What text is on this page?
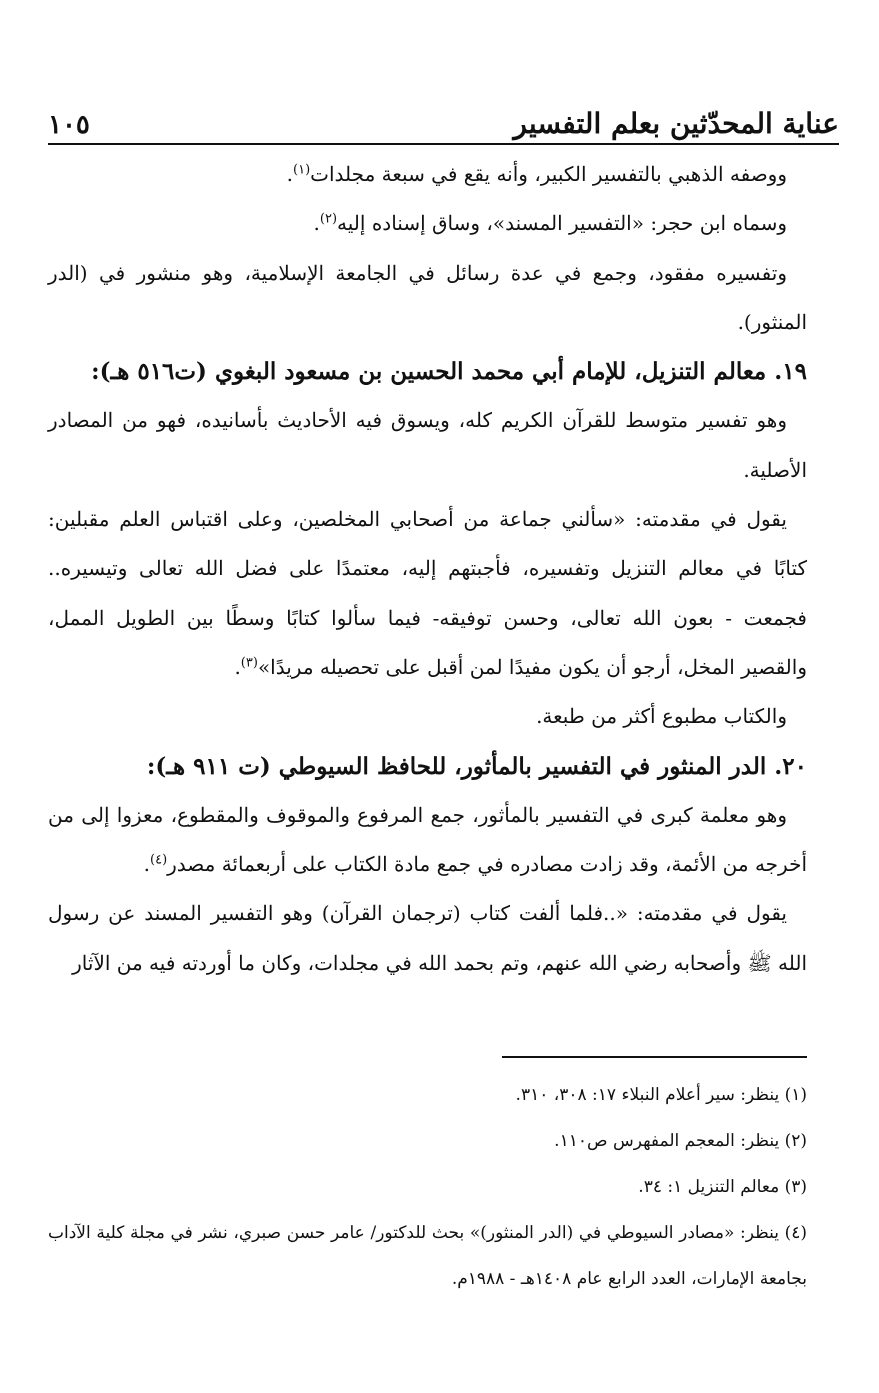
١٠٥	عناية المحدّثين بعلم التفسير

ووصفه الذهبي بالتفسير الكبير، وأنه يقع في سبعة مجلدات$^{(١)}$.

وسماه ابن حجر: «التفسير المسند»، وساق إسناده إليه$^{(٢)}$.

وتفسيره مفقود، وجمع في عدة رسائل في الجامعة الإسلامية، وهو منشور في (الدر المنثور).

١٩. معالم التنزيل، للإمام أبي محمد الحسين بن مسعود البغوي (ت٥١٦ هـ):

وهو تفسير متوسط للقرآن الكريم كله، ويسوق فيه الأحاديث بأسانيده، فهو من المصادر الأصلية.

يقول في مقدمته: «سألني جماعة من أصحابي المخلصين، وعلى اقتباس العلم مقبلين: كتابًا في معالم التنزيل وتفسيره، فأجبتهم إليه، معتمدًا على فضل الله تعالى وتيسيره.. فجمعت - بعون الله تعالى، وحسن توفيقه- فيما سألوا كتابًا وسطًا بين الطويل الممل، والقصير المخل، أرجو أن يكون مفيدًا لمن أقبل على تحصيله مريدًا»$^{(٣)}$.

والكتاب مطبوع أكثر من طبعة.

٢٠. الدر المنثور في التفسير بالمأثور، للحافظ السيوطي (ت ٩١١ هـ):

وهو معلمة كبرى في التفسير بالمأثور، جمع المرفوع والموقوف والمقطوع، معزوا إلى من أخرجه من الأئمة، وقد زادت مصادره في جمع مادة الكتاب على أربعمائة مصدر$^{(٤)}$.

يقول في مقدمته: «..فلما ألفت كتاب (ترجمان القرآن) وهو التفسير المسند عن رسول الله ﷺ وأصحابه رضي الله عنهم، وتم بحمد الله في مجلدات، وكان ما أوردته فيه من الآثار

(١) ينظر: سير أعلام النبلاء ١٧: ٣٠٨، ٣١٠.

(٢) ينظر: المعجم المفهرس ص١١٠.

(٣) معالم التنزيل ١: ٣٤.

(٤) ينظر: «مصادر السيوطي في (الدر المنثور)» بحث للدكتور/ عامر حسن صبري، نشر في مجلة كلية الآداب بجامعة الإمارات، العدد الرابع عام ١٤٠٨هـ - ١٩٨٨م.
